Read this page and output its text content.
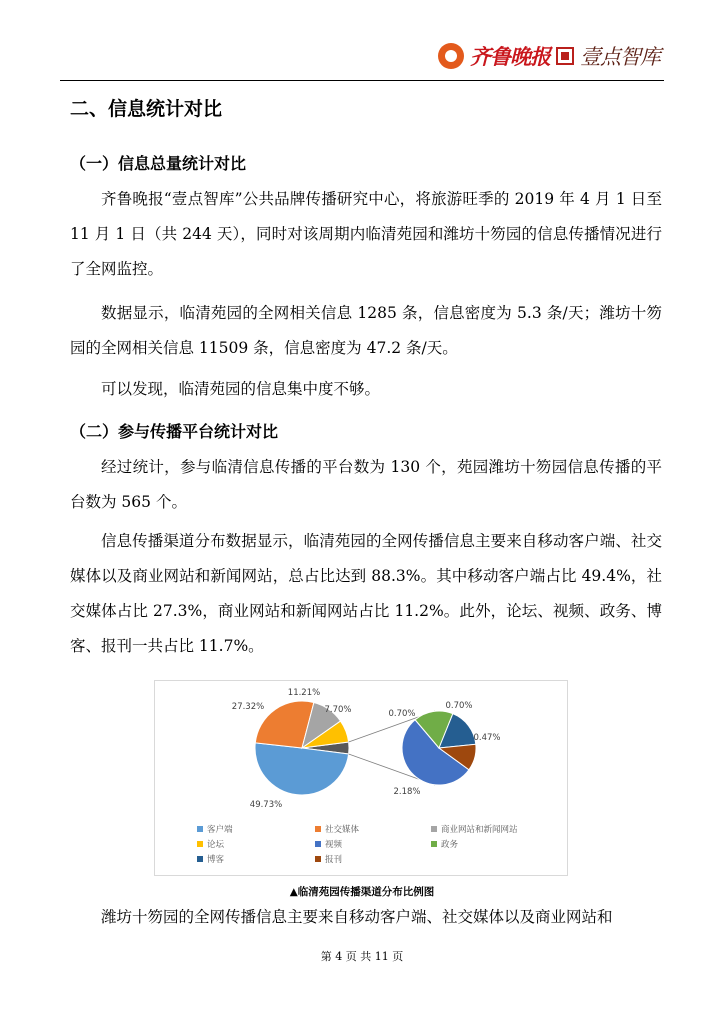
齐鲁晚报 壹点智库
二、信息统计对比
（一）信息总量统计对比

齐鲁晚报“壹点智库”公共品牌传播研究中心，将旅游旺季的 2019 年 4 月 1 日至 11 月 1 日（共 244 天），同时对该周期内临清苑园和潍坊十笏园的信息传播情况进行了全网监控。

数据显示，临清苑园的全网相关信息 1285 条，信息密度为 5.3 条/天；潍坊十笏园的全网相关信息 11509 条，信息密度为 47.2 条/天。

可以发现，临清苑园的信息集中度不够。

（二）参与传播平台统计对比

经过统计，参与临清信息传播的平台数为 130 个，苑园潍坊十笏园信息传播的平台数为 565 个。

信息传播渠道分布数据显示，临清苑园的全网传播信息主要来自移动客户端、社交媒体以及商业网站和新闻网站，总占比达到 88.3%。其中移动客户端占比 49.4%，社交媒体占比 27.3%，商业网站和新闻网站占比 11.2%。此外，论坛、视频、政务、博客、报刊一共占比 11.7%。

49.73%
27.32%
11.21%
7.70%
2.18%
0.70%
0.70%
0.47%
客户端	社交媒体	商业网站和新闻网站
论坛	视频	政务
博客	报刊
▲临清苑园传播渠道分布比例图

潍坊十笏园的全网传播信息主要来自移动客户端、社交媒体以及商业网站和

第 4 页 共 11 页
